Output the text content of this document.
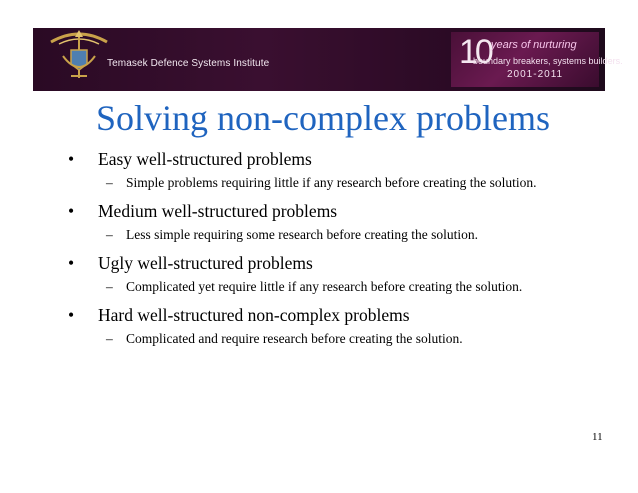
Temasek Defence Systems Institute	10 years of nurturing
boundary breakers, systems builders.
2001-2011
Solving non-complex problems
• Easy well-structured problems
– Simple problems requiring little if any research before creating the solution.
• Medium well-structured problems
– Less simple requiring some research before creating the solution.
• Ugly well-structured problems
– Complicated yet require little if any research before creating the solution.
• Hard well-structured non-complex problems
– Complicated and require research before creating the solution.
11
